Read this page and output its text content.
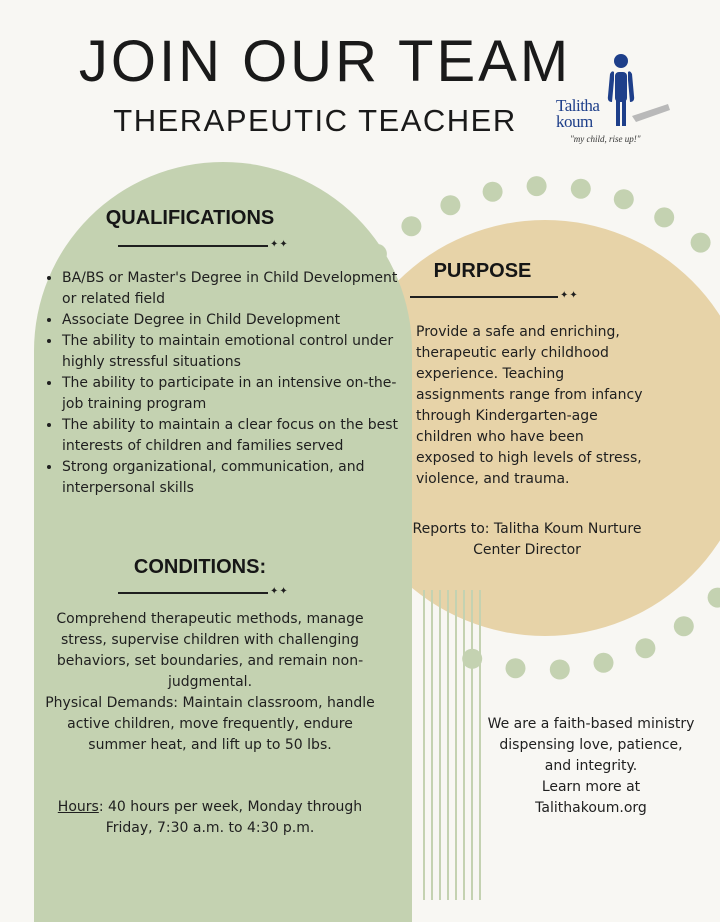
JOIN OUR TEAM
THERAPEUTIC TEACHER	Talitha
koum
"my child, rise up!"
QUALIFICATIONS
✦✦
• BA/BS or Master's Degree in Child Development or related field
• Associate Degree in Child Development
• The ability to maintain emotional control under highly stressful situations
• The ability to participate in an intensive on-the-job training program
• The ability to maintain a clear focus on the best interests of children and families served
• Strong organizational, communication, and interpersonal skills
CONDITIONS:
✦✦
Comprehend therapeutic methods, manage stress, supervise children with challenging behaviors, set boundaries, and remain non-judgmental.
Physical Demands: Maintain classroom, handle active children, move frequently, endure summer heat, and lift up to 50 lbs.
Hours: 40 hours per week, Monday through Friday, 7:30 a.m. to 4:30 p.m.
PURPOSE
✦✦
Provide a safe and enriching, therapeutic early childhood experience. Teaching assignments range from infancy through Kindergarten-age children who have been exposed to high levels of stress, violence, and trauma.
Reports to: Talitha Koum Nurture Center Director
We are a faith-based ministry dispensing love, patience, and integrity.
Learn more at
Talithakoum.org
